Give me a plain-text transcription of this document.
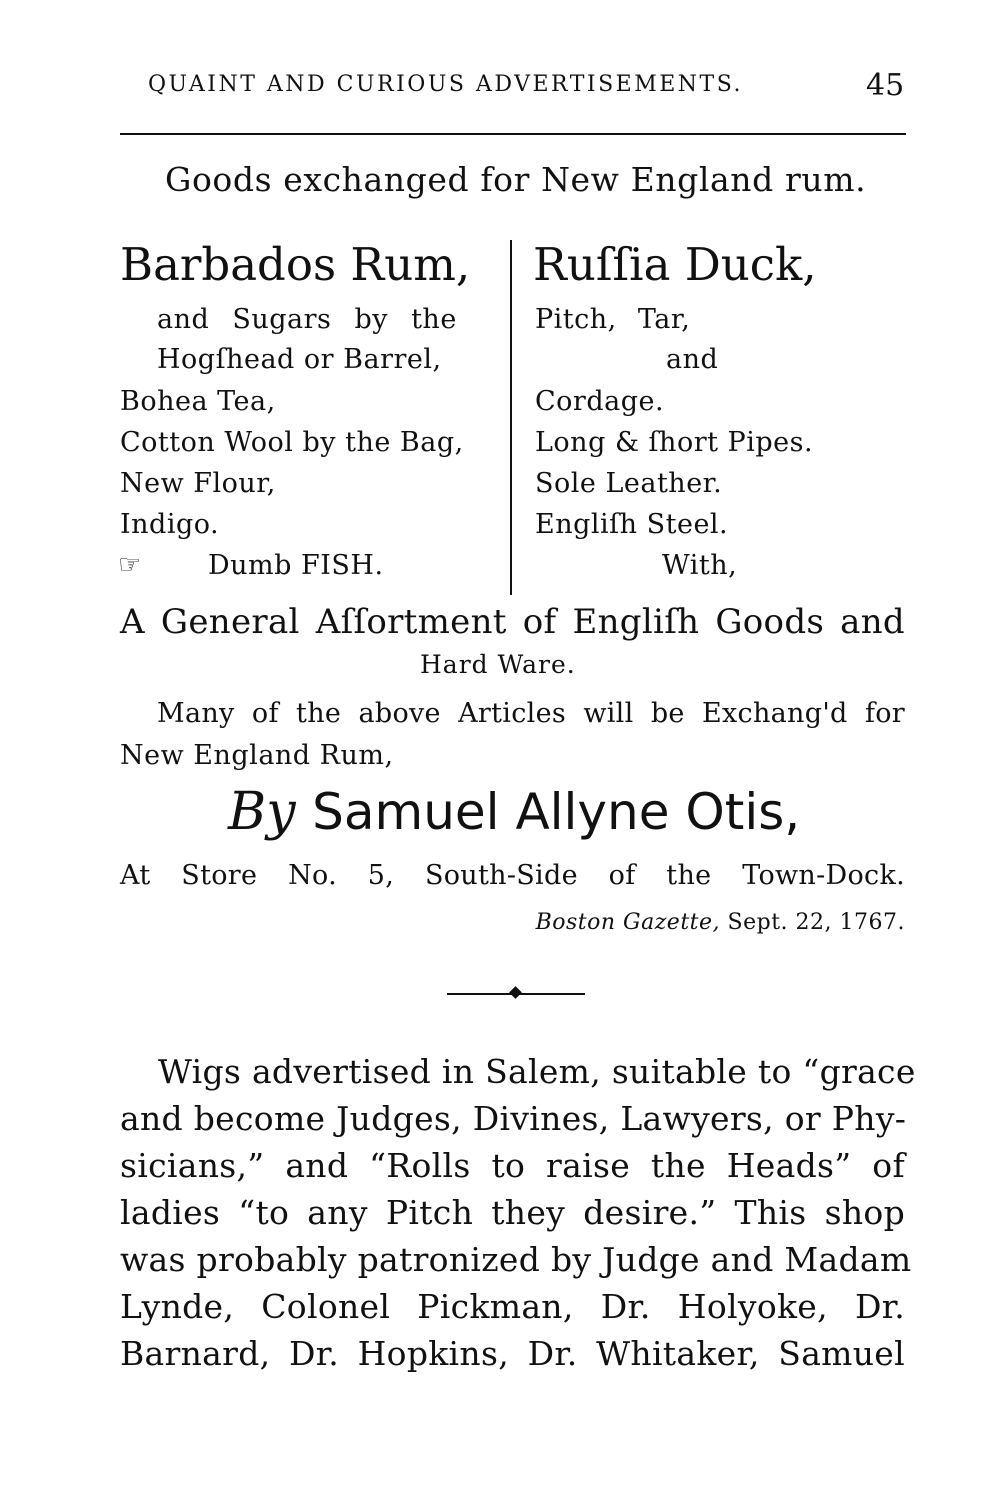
QUAINT AND CURIOUS ADVERTISEMENTS.	45
Goods exchanged for New England rum.
Barbados Rum,
and Sugars by the
Hogſhead or Barrel,
Bohea Tea,
Cotton Wool by the Bag,
New Flour,
Indigo.
☞ Dumb FISH.
Ruſſia Duck,
Pitch, Tar,
and
Cordage.
Long & ſhort Pipes.
Sole Leather.
Engliſh Steel.
With,
A General Aſſortment of Engliſh Goods and
Hard Ware.
Many of the above Articles will be Exchang'd for
New England Rum,
By Samuel Allyne Otis,
At Store No. 5, South-Side of the Town-Dock.
Boston Gazette, Sept. 22, 1767.
Wigs advertised in Salem, suitable to “grace
and become Judges, Divines, Lawyers, or Phy-
sicians,” and “Rolls to raise the Heads” of
ladies “to any Pitch they desire.” This shop
was probably patronized by Judge and Madam
Lynde, Colonel Pickman, Dr. Holyoke, Dr.
Barnard, Dr. Hopkins, Dr. Whitaker, Samuel
